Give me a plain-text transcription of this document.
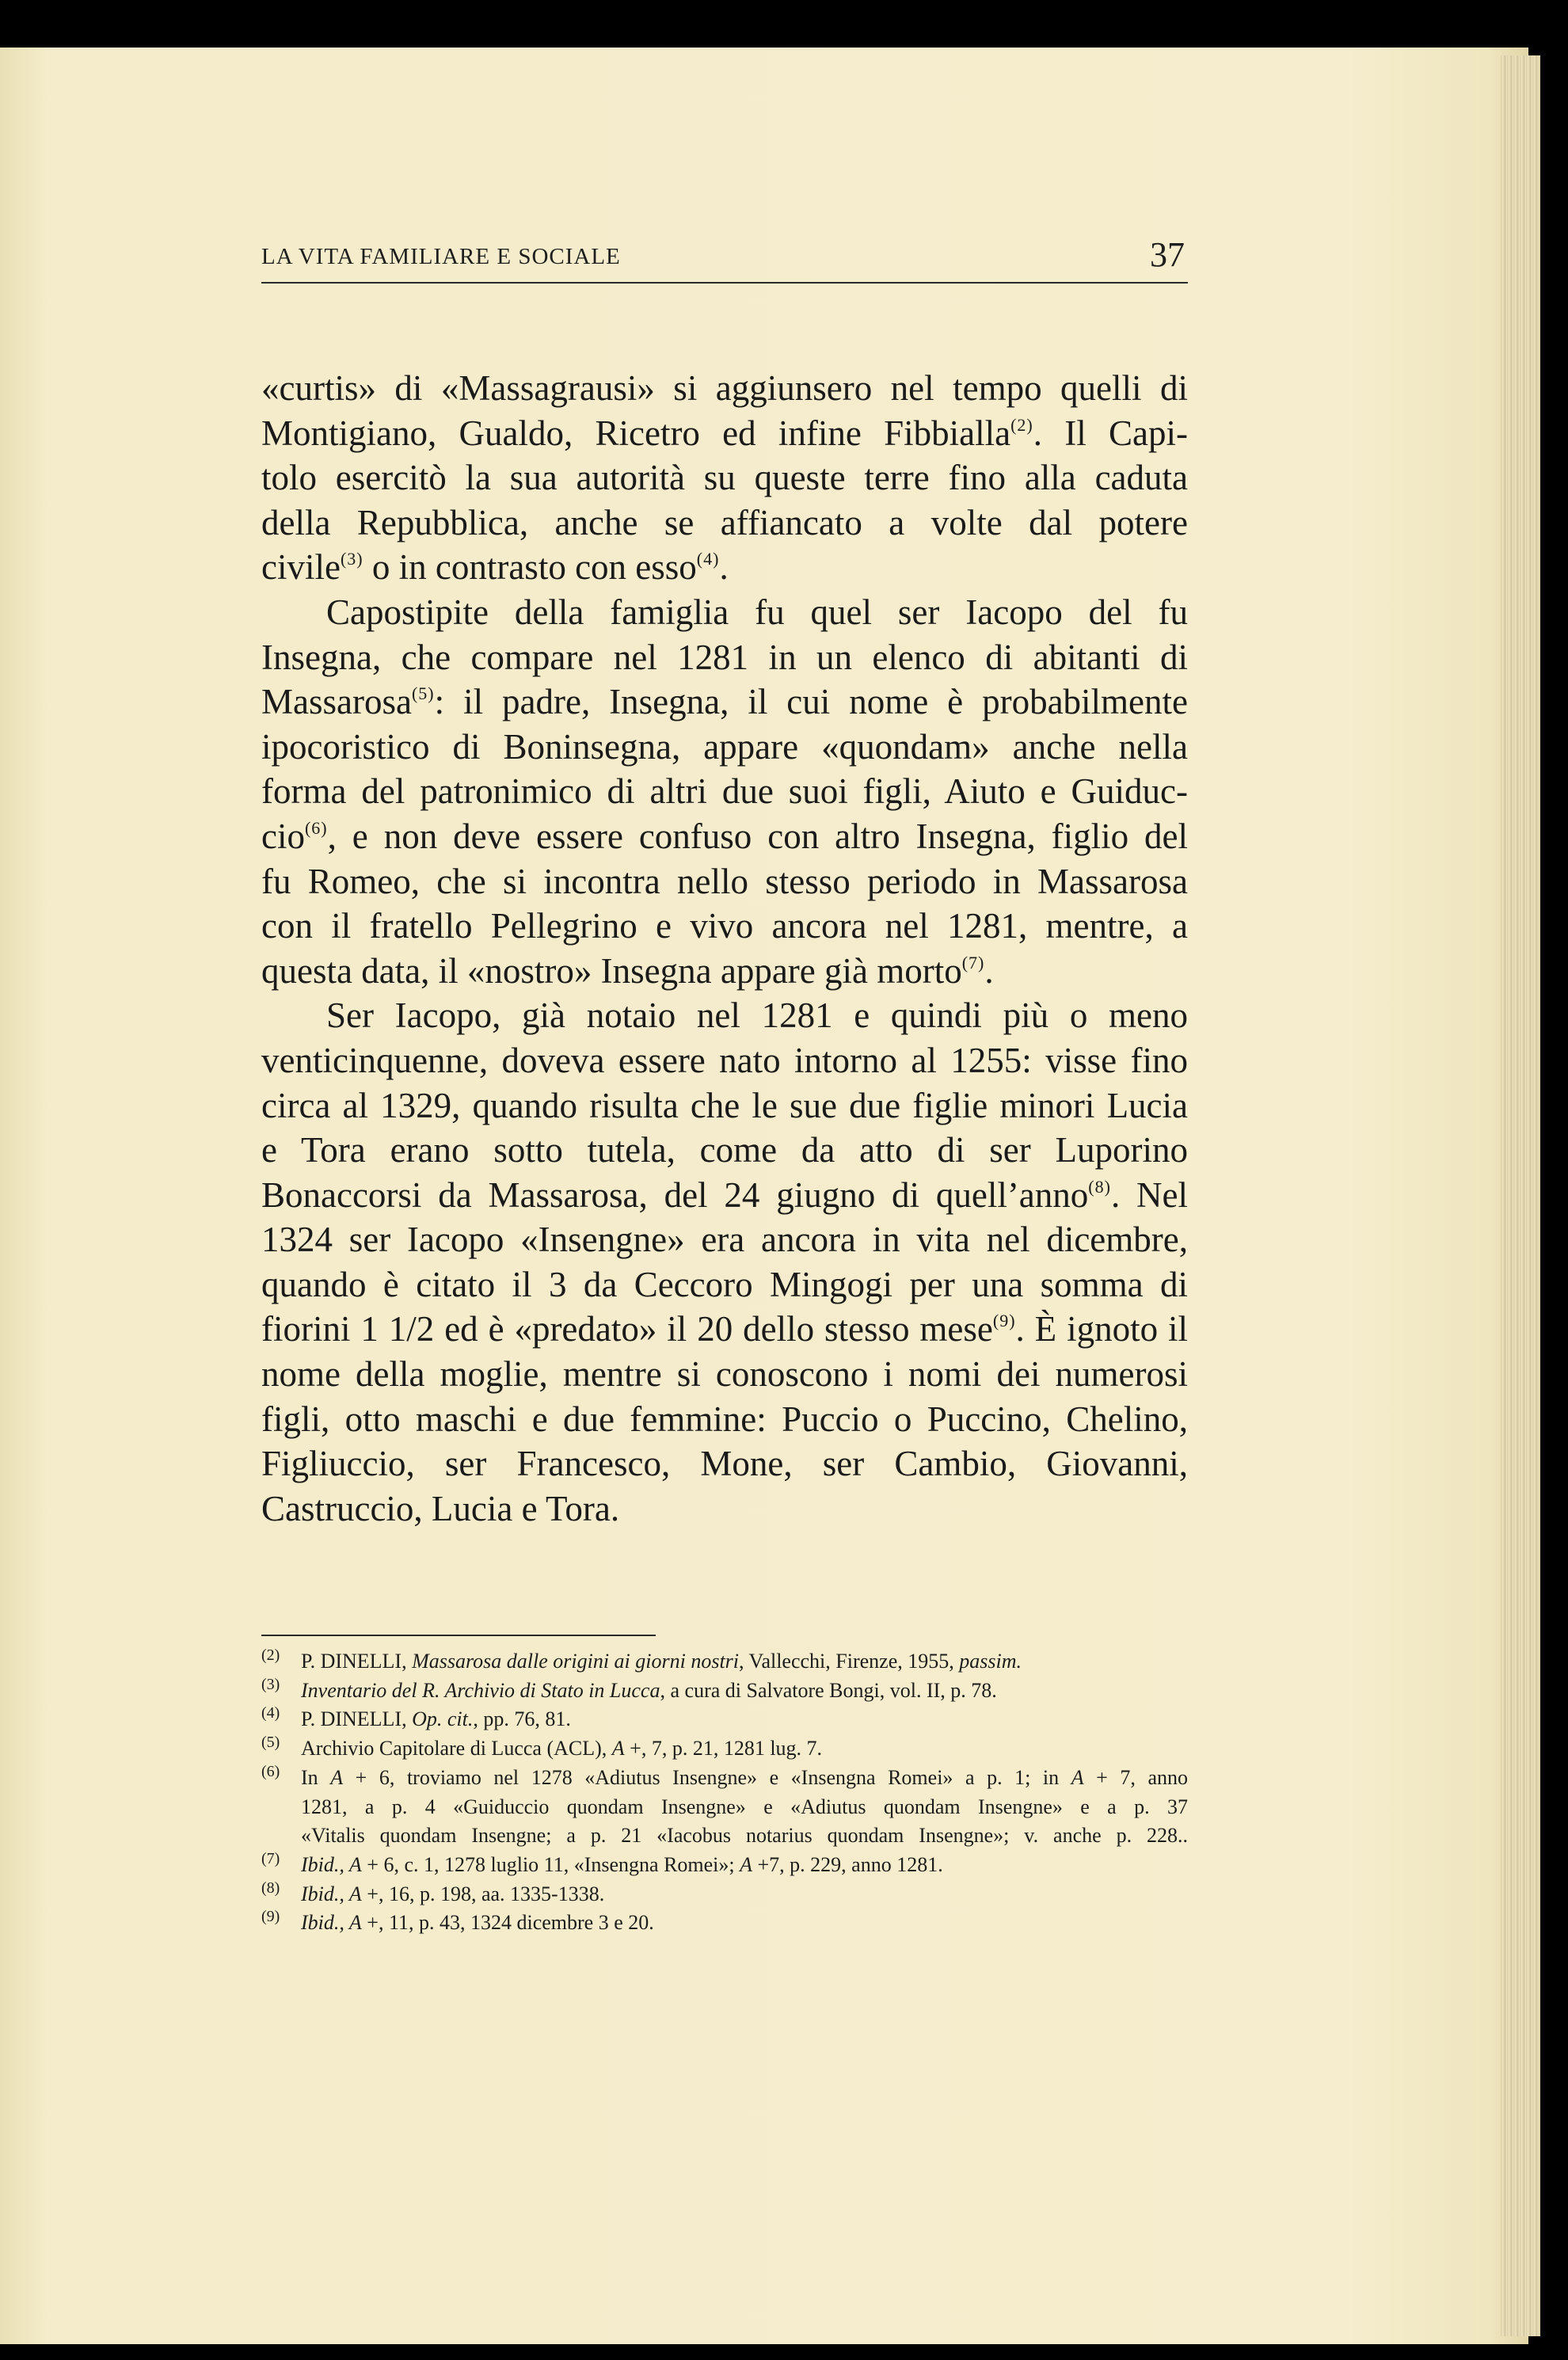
LA VITA FAMILIARE E SOCIALE	37
«curtis» di «Massagrausi» si aggiunsero nel tempo quelli di
Montigiano, Gualdo, Ricetro ed infine Fibbialla$^{(2)}$. Il Capi-
tolo esercitò la sua autorità su queste terre fino alla caduta
della Repubblica, anche se affiancato a volte dal potere
civile$^{(3)}$ o in contrasto con esso$^{(4)}$.
Capostipite della famiglia fu quel ser Iacopo del fu
Insegna, che compare nel 1281 in un elenco di abitanti di
Massarosa$^{(5)}$: il padre, Insegna, il cui nome è probabilmente
ipocoristico di Boninsegna, appare «quondam» anche nella
forma del patronimico di altri due suoi figli, Aiuto e Guiduc-
cio$^{(6)}$, e non deve essere confuso con altro Insegna, figlio del
fu Romeo, che si incontra nello stesso periodo in Massarosa
con il fratello Pellegrino e vivo ancora nel 1281, mentre, a
questa data, il «nostro» Insegna appare già morto$^{(7)}$.
Ser Iacopo, già notaio nel 1281 e quindi più o meno
venticinquenne, doveva essere nato intorno al 1255: visse fino
circa al 1329, quando risulta che le sue due figlie minori Lucia
e Tora erano sotto tutela, come da atto di ser Luporino
Bonaccorsi da Massarosa, del 24 giugno di quell’anno$^{(8)}$. Nel
1324 ser Iacopo «Insengne» era ancora in vita nel dicembre,
quando è citato il 3 da Ceccoro Mingogi per una somma di
fiorini 1 1/2 ed è «predato» il 20 dello stesso mese$^{(9)}$. È ignoto il
nome della moglie, mentre si conoscono i nomi dei numerosi
figli, otto maschi e due femmine: Puccio o Puccino, Chelino,
Figliuccio, ser Francesco, Mone, ser Cambio, Giovanni,
Castruccio, Lucia e Tora.
(2) P. DINELLI, Massarosa dalle origini ai giorni nostri, Vallecchi, Firenze, 1955, passim.
(3) Inventario del R. Archivio di Stato in Lucca, a cura di Salvatore Bongi, vol. II, p. 78.
(4) P. DINELLI, Op. cit., pp. 76, 81.
(5) Archivio Capitolare di Lucca (ACL), A +, 7, p. 21, 1281 lug. 7.
(6) In A + 6, troviamo nel 1278 «Adiutus Insengne» e «Insengna Romei» a p. 1; in A + 7, anno
1281, a p. 4 «Guiduccio quondam Insengne» e «Adiutus quondam Insengne» e a p. 37
«Vitalis quondam Insengne; a p. 21 «Iacobus notarius quondam Insengne»; v. anche p. 228..
(7) Ibid., A + 6, c. 1, 1278 luglio 11, «Insengna Romei»; A +7, p. 229, anno 1281.
(8) Ibid., A +, 16, p. 198, aa. 1335-1338.
(9) Ibid., A +, 11, p. 43, 1324 dicembre 3 e 20.
